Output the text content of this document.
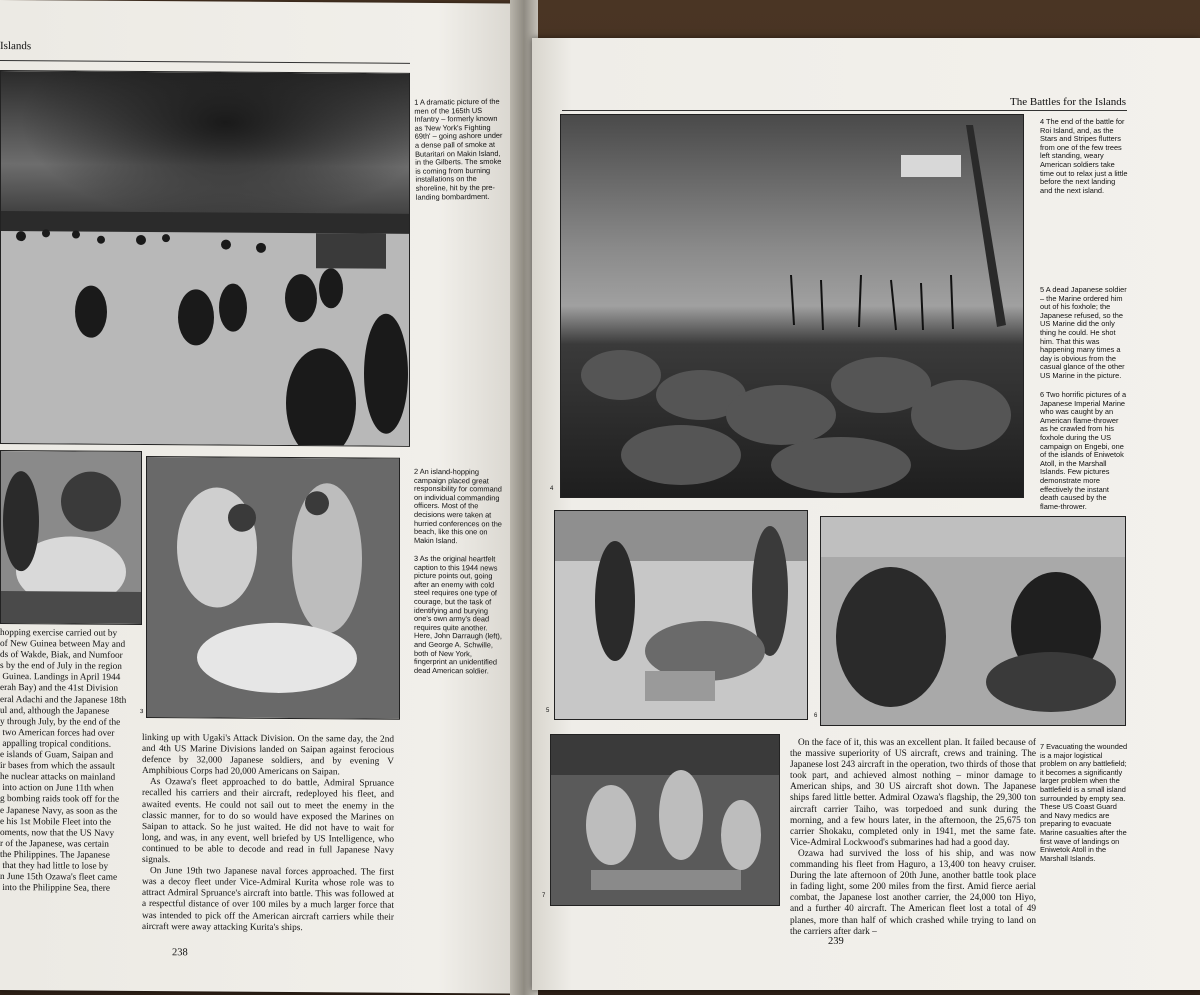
Islands
1 A dramatic picture of the men of the 165th US Infantry – formerly known as 'New York's Fighting 69th' – going ashore under a dense pall of smoke at Butaritari on Makin Island, in the Gilberts. The smoke is coming from burning installations on the shoreline, hit by the pre-landing bombardment.
3
2 An island-hopping campaign placed great responsibility for command on individual commanding officers. Most of the decisions were taken at hurried conferences on the beach, like this one on Makin Island.
3 As the original heartfelt caption to this 1944 news picture points out, going after an enemy with cold steel requires one type of courage, but the task of identifying and burying one's own army's dead requires quite another. Here, John Darraugh (left), and George A. Schwille, both of New York, fingerprint an unidentified dead American soldier.
hopping exercise carried out by
of New Guinea between May and
ds of Wakde, Biak, and Numfoor
s by the end of July in the region
Guinea. Landings in April 1944
erah Bay) and the 41st Division
eral Adachi and the Japanese 18th
ul and, although the Japanese
y through July, by the end of the
two American forces had over
appalling tropical conditions.
e islands of Guam, Saipan and
ir bases from which the assault
he nuclear attacks on mainland
into action on June 11th when
g bombing raids took off for the
e Japanese Navy, as soon as the
e his 1st Mobile Fleet into the
oments, now that the US Navy
r of the Japanese, was certain
the Philippines. The Japanese
that they had little to lose by
n June 15th Ozawa's fleet came
into the Philippine Sea, there

linking up with Ugaki's Attack Division. On the same day, the 2nd and 4th US Marine Divisions landed on Saipan against ferocious defence by 32,000 Japanese soldiers, and by evening V Amphibious Corps had 20,000 Americans on Saipan.

As Ozawa's fleet approached to do battle, Admiral Spruance recalled his carriers and their aircraft, redeployed his fleet, and awaited events. He could not sail out to meet the enemy in the classic manner, for to do so would have exposed the Marines on Saipan to attack. So he just waited. He did not have to wait for long, and was, in any event, well briefed by US Intelligence, who continued to be able to decode and read in full Japanese Navy signals.

On June 19th two Japanese naval forces approached. The first was a decoy fleet under Vice-Admiral Kurita whose role was to attract Admiral Spruance's aircraft into battle. This was followed at a respectful distance of over 100 miles by a much larger force that was intended to pick off the American aircraft carriers while their aircraft were away attacking Kurita's ships.

238
The Battles for the Islands
4
4 The end of the battle for Roi Island, and, as the Stars and Stripes flutters from one of the few trees left standing, weary American soldiers take time out to relax just a little before the next landing and the next island.
5 A dead Japanese soldier – the Marine ordered him out of his foxhole; the Japanese refused, so the US Marine did the only thing he could. He shot him. That this was happening many times a day is obvious from the casual glance of the other US Marine in the picture.
6 Two horrific pictures of a Japanese Imperial Marine who was caught by an American flame-thrower as he crawled from his foxhole during the US campaign on Engebi, one of the islands of Eniwetok Atoll, in the Marshall Islands. Few pictures demonstrate more effectively the instant death caused by the flame-thrower.
5
6
7

On the face of it, this was an excellent plan. It failed because of the massive superiority of US aircraft, crews and training. The Japanese lost 243 aircraft in the operation, two thirds of those that took part, and achieved almost nothing – minor damage to American ships, and 30 US aircraft shot down. The Japanese ships fared little better. Admiral Ozawa's flagship, the 29,300 ton aircraft carrier Taiho, was torpedoed and sunk during the morning, and a few hours later, in the afternoon, the 25,675 ton carrier Shokaku, completed only in 1941, met the same fate. Vice-Admiral Lockwood's submarines had had a good day.

Ozawa had survived the loss of his ship, and was now commanding his fleet from Haguro, a 13,400 ton heavy cruiser. During the late afternoon of 20th June, another battle took place in fading light, some 200 miles from the first. Amid fierce aerial combat, the Japanese lost another carrier, the 24,000 ton Hiyo, and a further 40 aircraft. The American fleet lost a total of 49 planes, more than half of which crashed while trying to land on the carriers after dark –

7 Evacuating the wounded is a major logistical problem on any battlefield; it becomes a significantly larger problem when the battlefield is a small island surrounded by empty sea. These US Coast Guard and Navy medics are preparing to evacuate Marine casualties after the first wave of landings on Eniwetok Atoll in the Marshall Islands.
239
